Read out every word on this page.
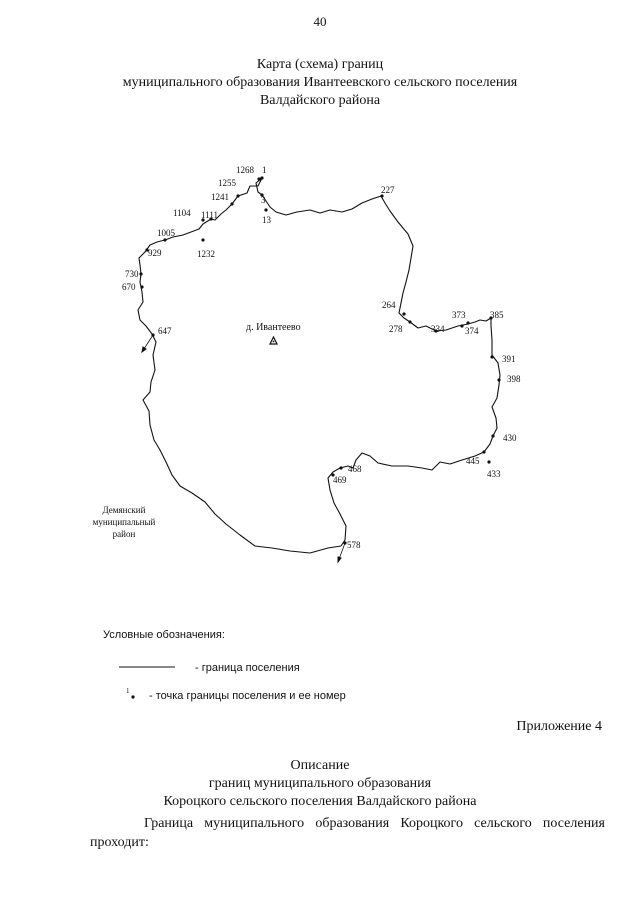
40
Карта (схема) границ
муниципального образования Ивантеевского сельского поселения
Валдайского района
1268 1
1255
1241	3
13
227
1104 1111
1005
929	1232
730
670
647
264
278
373	385
334 374
391
398
430
445
433
468
469
578
д. Ивантеево
1
Демянский
муниципальный
район
Условные обозначения:
- граница поселения
- точка границы поселения и ее номер
Приложение 4
Описание
границ муниципального образования
Короцкого сельского поселения Валдайского района
Граница муниципального образования Короцкого сельского поселения проходит:
